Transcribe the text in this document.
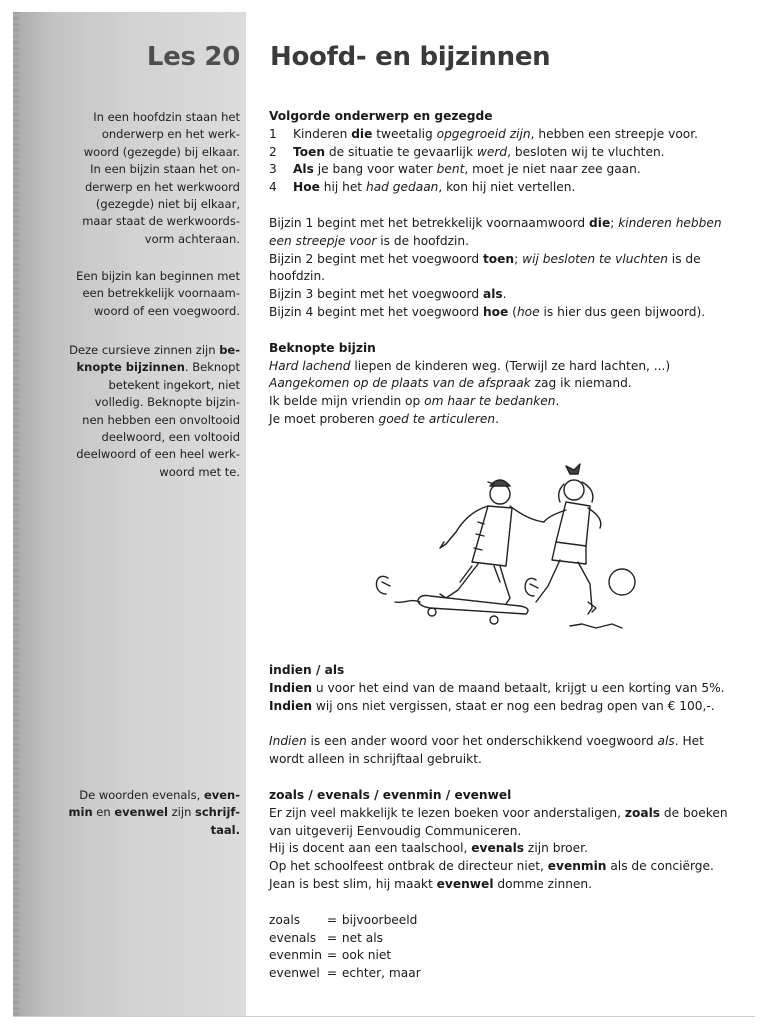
Les 20 Hoofd- en bijzinnen

In een hoofdzin staan het

onderwerp en het werk-

woord (gezegde) bij elkaar.

In een bijzin staan het on-

derwerp en het werkwoord

(gezegde) niet bij elkaar,

maar staat de werkwoords-

vorm achteraan.

Een bijzin kan beginnen met

een betrekkelijk voornaam-

woord of een voegwoord.

Deze cursieve zinnen zijn be-

knopte bijzinnen. Beknopt

betekent ingekort, niet

volledig. Beknopte bijzin-

nen hebben een onvoltooid

deelwoord, een voltooid

deelwoord of een heel werk-

woord met te.

De woorden evenals, even-

min en evenwel zijn schrijf-

taal.

Volgorde onderwerp en gezegde

1	Kinderen die tweetalig opgegroeid zijn, hebben een streepje voor.
2	Toen de situatie te gevaarlijk werd, besloten wij te vluchten.
3	Als je bang voor water bent, moet je niet naar zee gaan.
4	Hoe hij het had gedaan, kon hij niet vertellen.

Bijzin 1 begint met het betrekkelijk voornaamwoord die; kinderen hebben een streepje voor is de hoofdzin.

Bijzin 2 begint met het voegwoord toen; wij besloten te vluchten is de hoofdzin.

Bijzin 3 begint met het voegwoord als.

Bijzin 4 begint met het voegwoord hoe (hoe is hier dus geen bijwoord).

Beknopte bijzin

Hard lachend liepen de kinderen weg. (Terwijl ze hard lachten, ...)

Aangekomen op de plaats van de afspraak zag ik niemand.

Ik belde mijn vriendin op om haar te bedanken.

Je moet proberen goed te articuleren.

indien / als

Indien u voor het eind van de maand betaalt, krijgt u een korting van 5%.

Indien wij ons niet vergissen, staat er nog een bedrag open van € 100,-.

Indien is een ander woord voor het onderschikkend voegwoord als. Het wordt alleen in schrijftaal gebruikt.

zoals / evenals / evenmin / evenwel

Er zijn veel makkelijk te lezen boeken voor anderstaligen, zoals de boeken van uitgeverij Eenvoudig Communiceren.

Hij is docent aan een taalschool, evenals zijn broer.

Op het schoolfeest ontbrak de directeur niet, evenmin als de conciërge.

Jean is best slim, hij maakt evenwel domme zinnen.

zoals	=	bijvoorbeeld
evenals	=	net als
evenmin	=	ook niet
evenwel	=	echter, maar
